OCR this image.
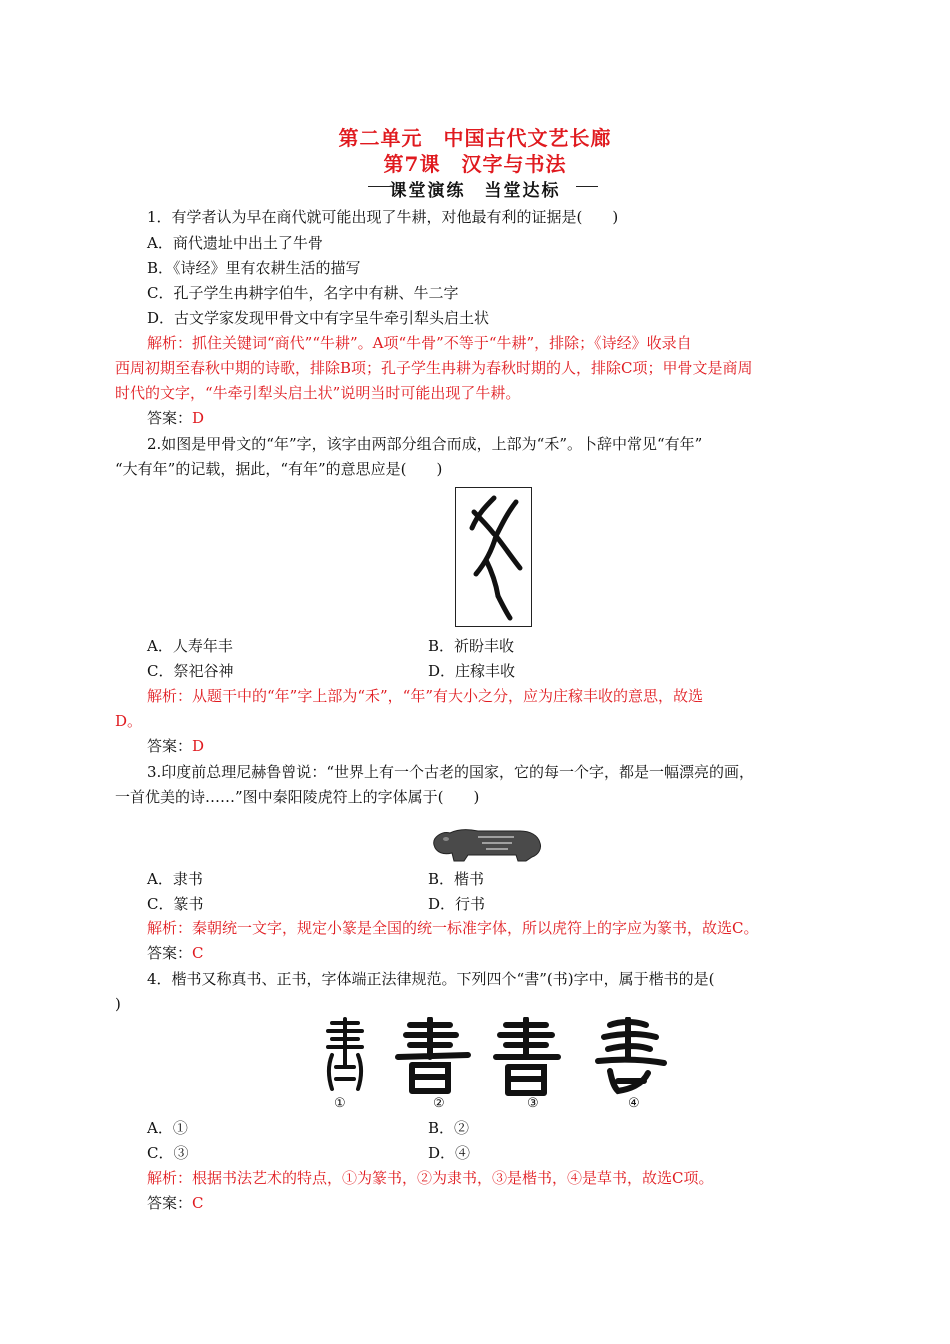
第二单元　中国古代文艺长廊
第7课　汉字与书法
课堂演练　当堂达标
1．有学者认为早在商代就可能出现了牛耕，对他最有利的证据是(　　)
A．商代遗址中出土了牛骨
B．《诗经》里有农耕生活的描写
C．孔子学生冉耕字伯牛，名字中有耕、牛二字
D．古文学家发现甲骨文中有字呈牛牵引犁头启土状
解析：抓住关键词“商代”“牛耕”。A项“牛骨”不等于“牛耕”，排除；《诗经》收录自
西周初期至春秋中期的诗歌，排除B项；孔子学生冉耕为春秋时期的人，排除C项；甲骨文是商周
时代的文字，“牛牵引犁头启土状”说明当时可能出现了牛耕。
答案：D
2.如图是甲骨文的“年”字，该字由两部分组合而成，上部为“禾”。卜辞中常见“有年”
“大有年”的记载，据此，“有年”的意思应是(　　)
A．人寿年丰	B．祈盼丰收
C．祭祀谷神	D．庄稼丰收
解析：从题干中的“年”字上部为“禾”，“年”有大小之分，应为庄稼丰收的意思，故选
D。
答案：D
3.印度前总理尼赫鲁曾说：“世界上有一个古老的国家，它的每一个字，都是一幅漂亮的画，
一首优美的诗……”图中秦阳陵虎符上的字体属于(　　)
A．隶书	B．楷书
C．篆书	D．行书
解析：秦朝统一文字，规定小篆是全国的统一标准字体，所以虎符上的字应为篆书，故选C。
答案：C
4．楷书又称真书、正书，字体端正法律规范。下列四个“書”(书)字中，属于楷书的是(
)
①	②	③	④
A．①	B．②
C．③	D．④
解析：根据书法艺术的特点，①为篆书，②为隶书，③是楷书，④是草书，故选C项。
答案：C
